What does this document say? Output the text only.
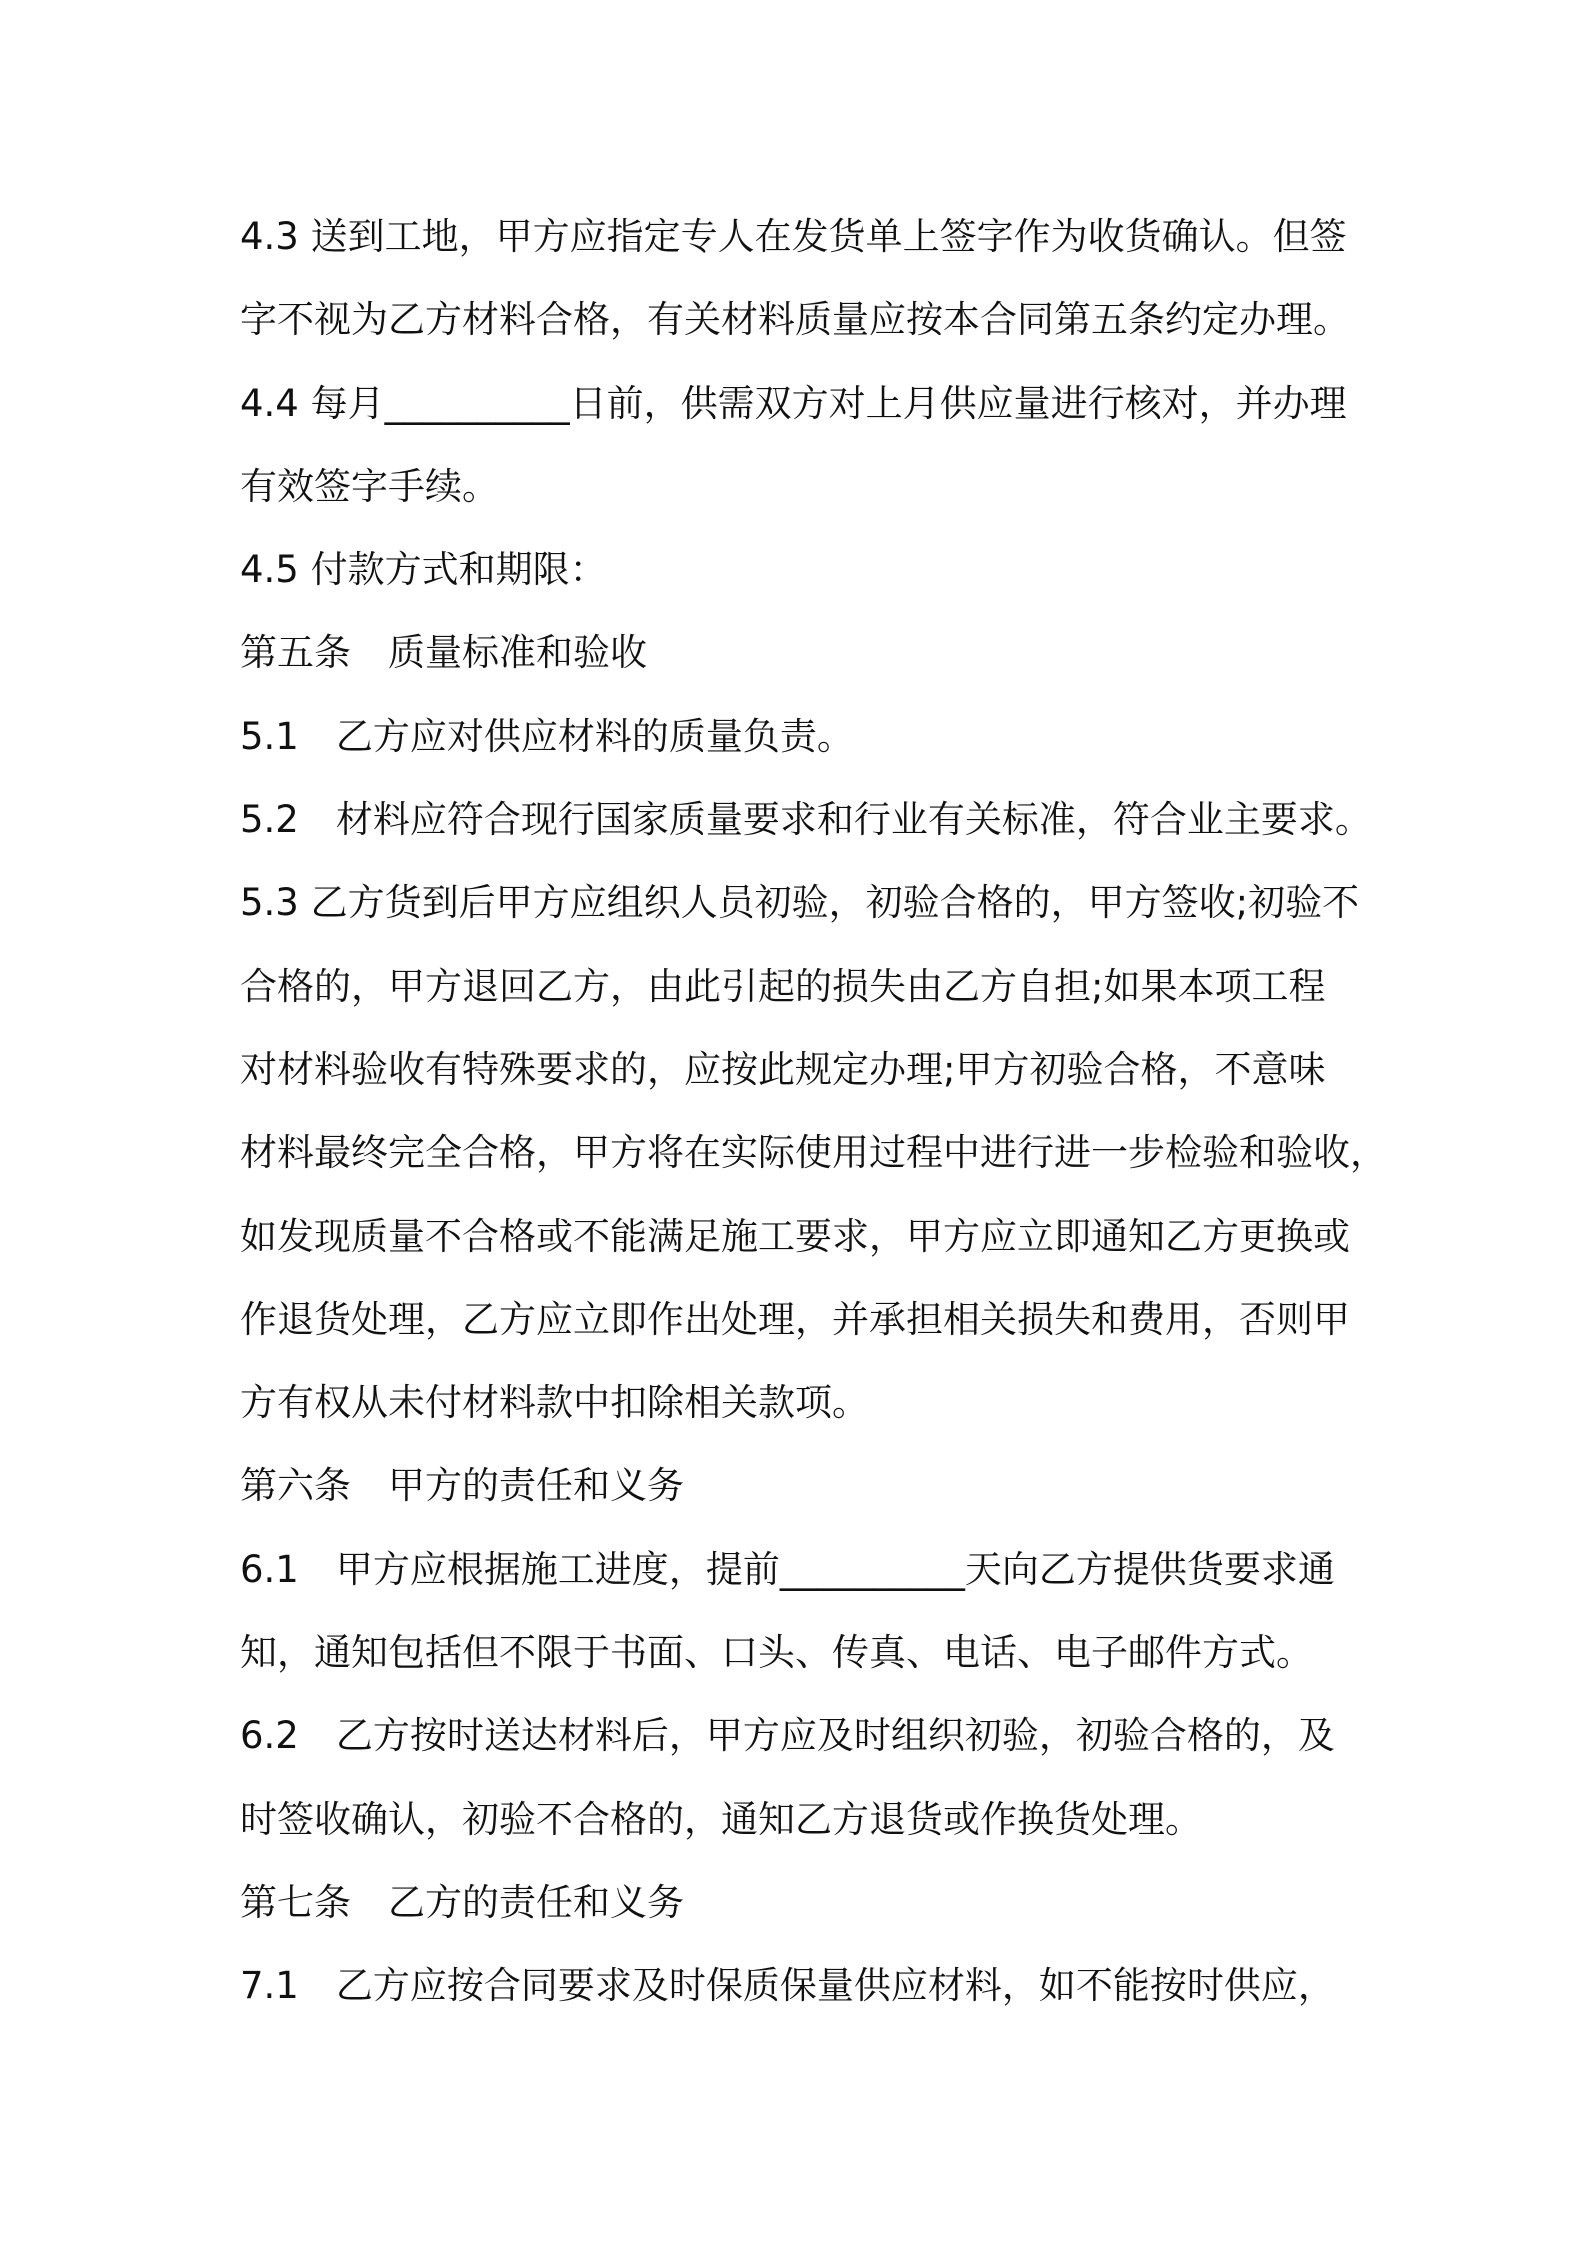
4.3 送到工地，甲方应指定专人在发货单上签字作为收货确认。但签
字不视为乙方材料合格，有关材料质量应按本合同第五条约定办理。
4.4 每月__________日前，供需双方对上月供应量进行核对，并办理
有效签字手续。
4.5 付款方式和期限：
第五条　质量标准和验收
5.1　乙方应对供应材料的质量负责。
5.2　材料应符合现行国家质量要求和行业有关标准，符合业主要求。
5.3 乙方货到后甲方应组织人员初验，初验合格的，甲方签收;初验不
合格的，甲方退回乙方，由此引起的损失由乙方自担;如果本项工程
对材料验收有特殊要求的，应按此规定办理;甲方初验合格，不意味
材料最终完全合格，甲方将在实际使用过程中进行进一步检验和验收，
如发现质量不合格或不能满足施工要求，甲方应立即通知乙方更换或
作退货处理，乙方应立即作出处理，并承担相关损失和费用，否则甲
方有权从未付材料款中扣除相关款项。
第六条　甲方的责任和义务
6.1　甲方应根据施工进度，提前__________天向乙方提供货要求通
知，通知包括但不限于书面、口头、传真、电话、电子邮件方式。
6.2　乙方按时送达材料后，甲方应及时组织初验，初验合格的，及
时签收确认，初验不合格的，通知乙方退货或作换货处理。
第七条　乙方的责任和义务
7.1　乙方应按合同要求及时保质保量供应材料，如不能按时供应，
